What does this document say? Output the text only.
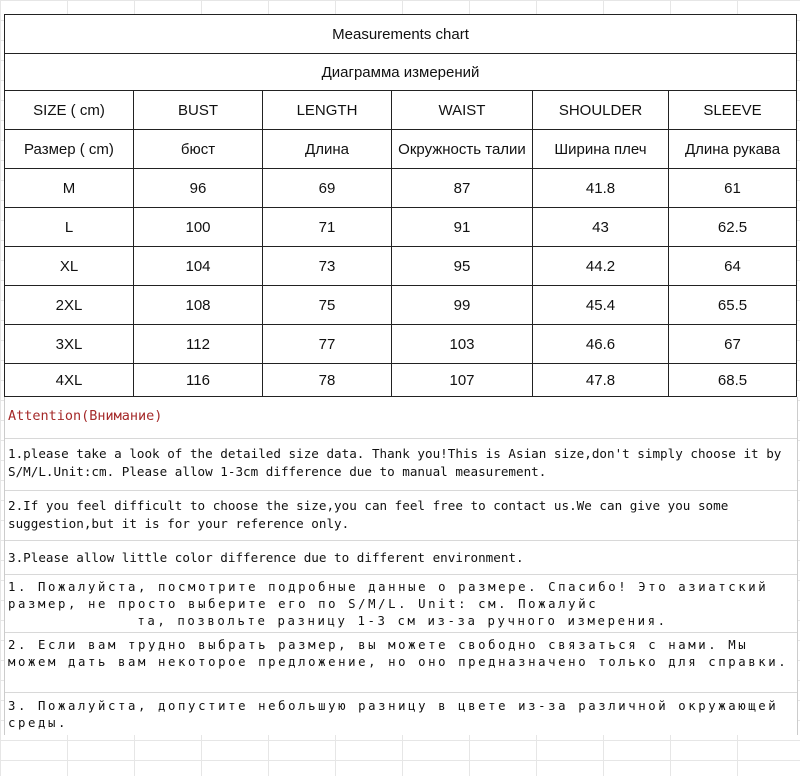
Measurements chart					
Диаграмма измерений					
SIZE ( cm)	BUST	LENGTH	WAIST	SHOULDER	SLEEVE
Размер ( cm)	бюст	Длина	Окружность талии	Ширина плеч	Длина рукава
M	96	69	87	41.8	61
L	100	71	91	43	62.5
XL	104	73	95	44.2	64
2XL	108	75	99	45.4	65.5
3XL	112	77	103	46.6	67
4XL	116	78	107	47.8	68.5
Attention(Внимание)
1.please take a look of the detailed size data. Thank you!This is Asian size,don't simply choose it by S/M/L.Unit:cm. Please allow 1-3cm difference due to manual measurement.
2.If you feel difficult to choose the size,you can feel free to contact us.We can give you some suggestion,but it is for your reference only.
3.Please allow little color difference due to different environment.
1. Пожалуйста, посмотрите подробные данные о размере. Спасибо! Это азиатский размер, не просто выберите его по S/M/L. Unit: см. Пожалуйс
та, позвольте разницу 1-3 см из-за ручного измерения.
2. Если вам трудно выбрать размер, вы можете свободно связаться с нами. Мы можем дать вам некоторое предложение, но оно предназначено только для справки.
3. Пожалуйста, допустите небольшую разницу в цвете из-за различной окружающей среды.
